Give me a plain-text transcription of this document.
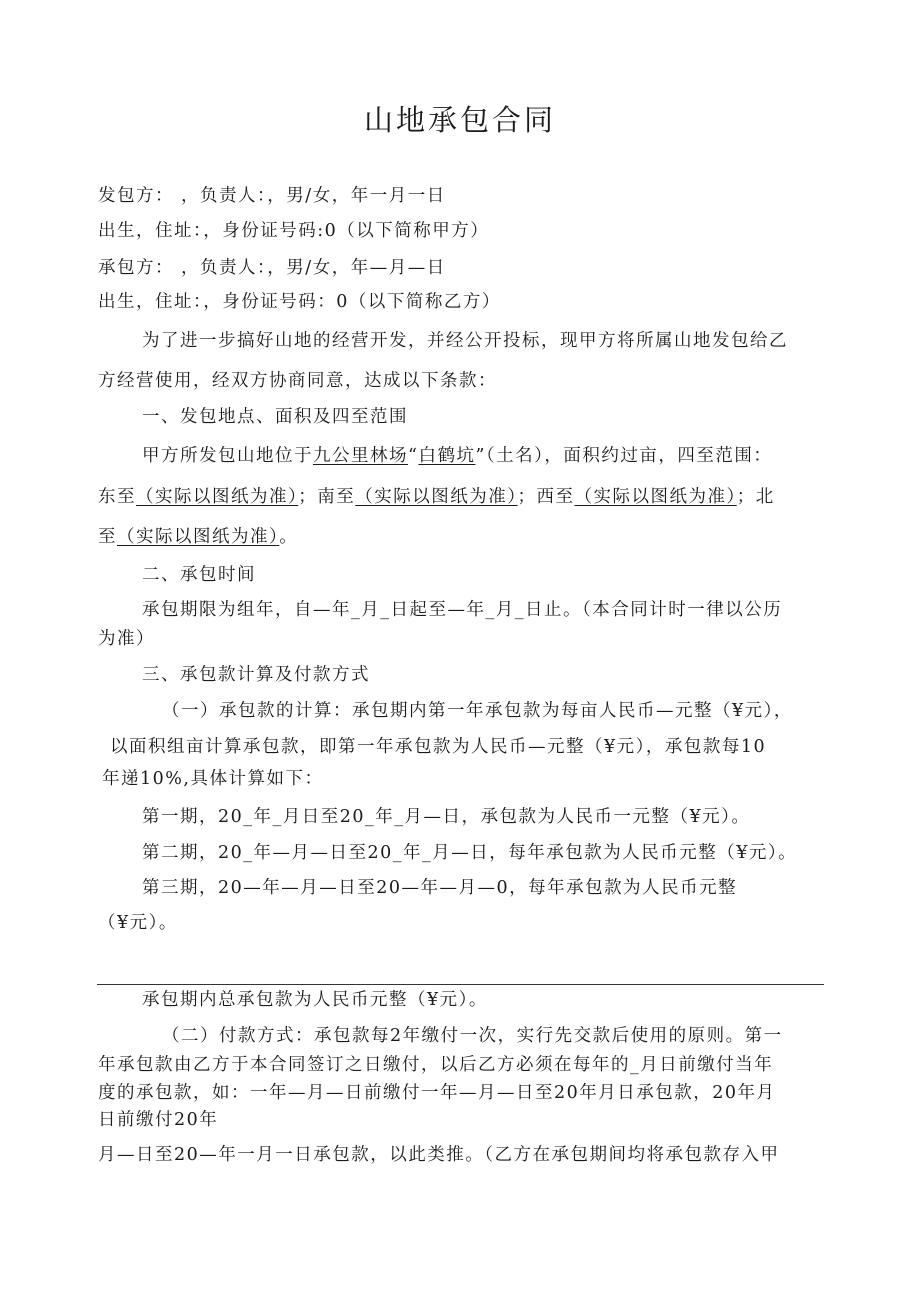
山地承包合同
发包方： ，负责人：，男/女，年一月一日
出生，住址：，身份证号码:0（以下简称甲方）
承包方： ，负责人：，男/女，年—月—日
出生，住址：，身份证号码：0（以下简称乙方）
为了进一步搞好山地的经营开发，并经公开投标，现甲方将所属山地发包给乙
方经营使用，经双方协商同意，达成以下条款：
一、发包地点、面积及四至范围
甲方所发包山地位于九公里林场“白鹤坑”（土名），面积约过亩，四至范围：
东至（实际以图纸为准）；南至（实际以图纸为准）；西至（实际以图纸为准）；北
至（实际以图纸为准）。
二、承包时间
承包期限为组年，自—年_月_日起至—年_月_日止。（本合同计时一律以公历
为准）
三、承包款计算及付款方式
（一）承包款的计算：承包期内第一年承包款为每亩人民币—元整（¥元），
以面积组亩计算承包款，即第一年承包款为人民币—元整（¥元），承包款每10
年递10%,具体计算如下：
第一期，20_年_月日至20_年_月—日，承包款为人民币一元整（¥元）。
第二期，20_年—月—日至20_年_月—日，每年承包款为人民币元整（¥元）。
第三期，20—年—月—日至20—年—月—0，每年承包款为人民币元整
（¥元）。
承包期内总承包款为人民币元整（¥元）。
（二）付款方式：承包款每2年缴付一次，实行先交款后使用的原则。第一
年承包款由乙方于本合同签订之日缴付，以后乙方必须在每年的_月日前缴付当年
度的承包款，如：一年—月—日前缴付一年—月—日至20年月日承包款，20年月
日前缴付20年
月—日至20—年一月一日承包款，以此类推。（乙方在承包期间均将承包款存入甲
